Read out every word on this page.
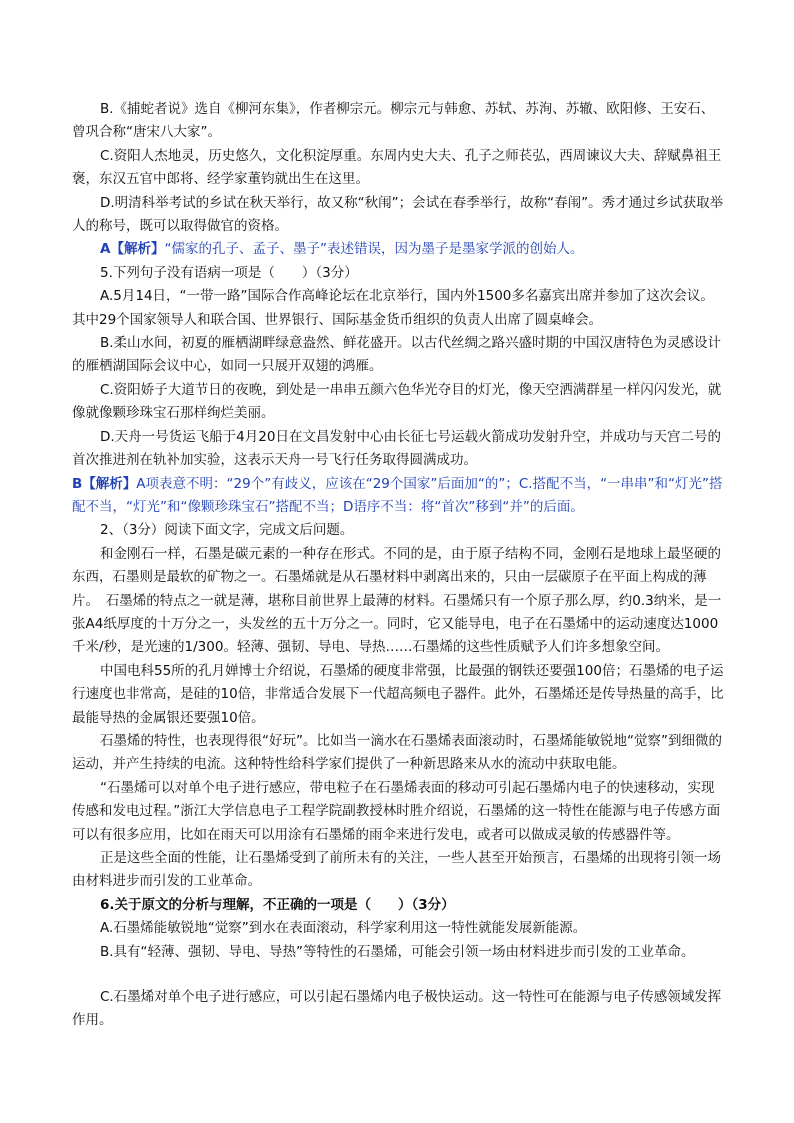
B.《捕蛇者说》选自《柳河东集》，作者柳宗元。柳宗元与韩愈、苏轼、苏洵、苏辙、欧阳修、王安石、曾巩合称“唐宋八大家”。

C.资阳人杰地灵，历史悠久，文化积淀厚重。东周内史大夫、孔子之师苌弘，西周谏议大夫、辞赋鼻祖王褒，东汉五官中郎将、经学家董钧就出生在这里。

D.明清科举考试的乡试在秋天举行，故又称“秋闱”；会试在春季举行，故称“春闱”。秀才通过乡试获取举人的称号，既可以取得做官的资格。

A【解析】“儒家的孔子、孟子、墨子”表述错误，因为墨子是墨家学派的创始人。

5.下列句子没有语病一项是（　　）（3分）

A.5月14日，“一带一路”国际合作高峰论坛在北京举行，国内外1500多名嘉宾出席并参加了这次会议。其中29个国家领导人和联合国、世界银行、国际基金货币组织的负责人出席了圆桌峰会。

B.柔山水间，初夏的雁栖湖畔绿意盎然、鲜花盛开。以古代丝绸之路兴盛时期的中国汉唐特色为灵感设计的雁栖湖国际会议中心，如同一只展开双翅的鸿雁。

C.资阳娇子大道节日的夜晚，到处是一串串五颜六色华光夺目的灯光，像天空洒满群星一样闪闪发光，就像就像颗珍珠宝石那样绚烂美丽。

D.天舟一号货运飞船于4月20日在文昌发射中心由长征七号运载火箭成功发射升空，并成功与天宫二号的首次推进剂在轨补加实验，这表示天舟一号飞行任务取得圆满成功。

B【解析】A项表意不明：“29个”有歧义，应该在“29个国家”后面加“的”；C.搭配不当，“一串串”和“灯光”搭配不当，“灯光”和“像颗珍珠宝石”搭配不当；D语序不当：将“首次”移到“并”的后面。

2、（3分）阅读下面文字，完成文后问题。

和金刚石一样，石墨是碳元素的一种存在形式。不同的是，由于原子结构不同，金刚石是地球上最坚硬的东西，石墨则是最软的矿物之一。石墨烯就是从石墨材料中剥离出来的，只由一层碳原子在平面上构成的薄片。　石墨烯的特点之一就是薄，堪称目前世界上最薄的材料。石墨烯只有一个原子那么厚，约0.3纳米，是一张A4纸厚度的十万分之一，头发丝的五十万分之一。同时，它又能导电，电子在石墨烯中的运动速度达1000千米/秒，是光速的1/300。轻薄、强韧、导电、导热……石墨烯的这些性质赋予人们许多想象空间。

中国电科55所的孔月婵博士介绍说，石墨烯的硬度非常强，比最强的钢铁还要强100倍；石墨烯的电子运行速度也非常高，是硅的10倍，非常适合发展下一代超高频电子器件。此外，石墨烯还是传导热量的高手，比最能导热的金属银还要强10倍。

石墨烯的特性，也表现得很“好玩”。比如当一滴水在石墨烯表面滚动时，石墨烯能敏锐地“觉察”到细微的运动，并产生持续的电流。这种特性给科学家们提供了一种新思路来从水的流动中获取电能。

“石墨烯可以对单个电子进行感应，带电粒子在石墨烯表面的移动可引起石墨烯内电子的快速移动，实现传感和发电过程。”浙江大学信息电子工程学院副教授林时胜介绍说，石墨烯的这一特性在能源与电子传感方面可以有很多应用，比如在雨天可以用涂有石墨烯的雨伞来进行发电，或者可以做成灵敏的传感器件等。

正是这些全面的性能，让石墨烯受到了前所未有的关注，一些人甚至开始预言，石墨烯的出现将引领一场由材料进步而引发的工业革命。

6.关于原文的分析与理解，不正确的一项是（　　）（3分）

A.石墨烯能敏锐地“觉察”到水在表面滚动，科学家利用这一特性就能发展新能源。

B.具有“轻薄、强韧、导电、导热”等特性的石墨烯，可能会引领一场由材料进步而引发的工业革命。

C.石墨烯对单个电子进行感应，可以引起石墨烯内电子极快运动。这一特性可在能源与电子传感领域发挥作用。
